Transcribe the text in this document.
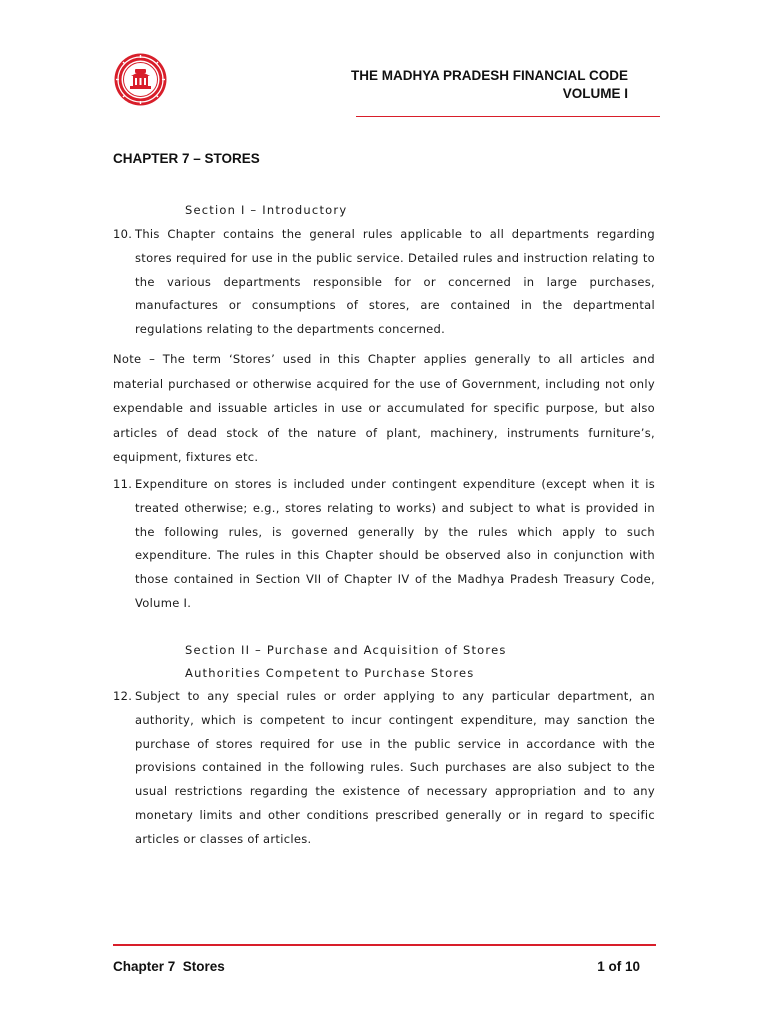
THE MADHYA PRADESH FINANCIAL CODE
VOLUME I
CHAPTER 7 – STORES
Section I – Introductory
10. This Chapter contains the general rules applicable to all departments regarding stores required for use in the public service. Detailed rules and instruction relating to the various departments responsible for or concerned in large purchases, manufactures or consumptions of stores, are contained in the departmental regulations relating to the departments concerned.
Note – The term ‘Stores’ used in this Chapter applies generally to all articles and material purchased or otherwise acquired for the use of Government, including not only expendable and issuable articles in use or accumulated for specific purpose, but also articles of dead stock of the nature of plant, machinery, instruments furniture’s, equipment, fixtures etc.
11. Expenditure on stores is included under contingent expenditure (except when it is treated otherwise; e.g., stores relating to works) and subject to what is provided in the following rules, is governed generally by the rules which apply to such expenditure. The rules in this Chapter should be observed also in conjunction with those contained in Section VII of Chapter IV of the Madhya Pradesh Treasury Code, Volume I.
Section II – Purchase and Acquisition of Stores
Authorities Competent to Purchase Stores
12. Subject to any special rules or order applying to any particular department, an authority, which is competent to incur contingent expenditure, may sanction the purchase of stores required for use in the public service in accordance with the provisions contained in the following rules. Such purchases are also subject to the usual restrictions regarding the existence of necessary appropriation and to any monetary limits and other conditions prescribed generally or in regard to specific articles or classes of articles.
Chapter 7  Stores	1 of 10
